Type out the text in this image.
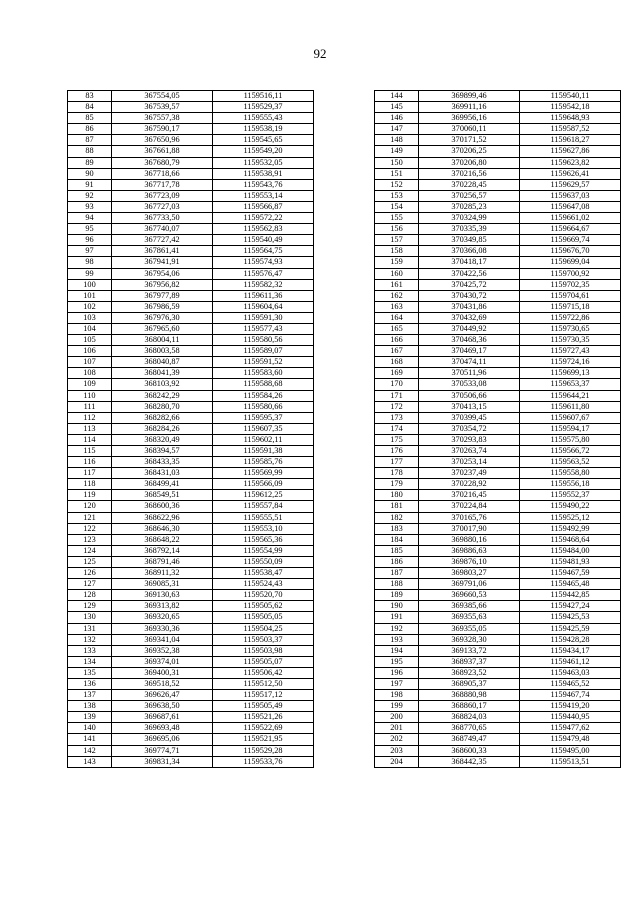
92
83	367554,05	1159516,11
84	367539,57	1159529,37
85	367557,38	1159555,43
86	367590,17	1159538,19
87	367650,96	1159545,65
88	367661,88	1159549,20
89	367680,79	1159532,05
90	367718,66	1159538,91
91	367717,78	1159543,76
92	367723,09	1159553,14
93	367727,03	1159566,87
94	367733,50	1159572,22
95	367740,07	1159562,83
96	367727,42	1159540,49
97	367861,41	1159564,75
98	367941,91	1159574,93
99	367954,06	1159576,47
100	367956,82	1159582,32
101	367977,89	1159611,36
102	367986,59	1159604,64
103	367976,30	1159591,30
104	367965,60	1159577,43
105	368004,11	1159580,56
106	368003,58	1159589,07
107	368040,87	1159591,52
108	368041,39	1159583,60
109	368103,92	1159588,68
110	368242,29	1159584,26
111	368280,70	1159580,66
112	368282,66	1159595,37
113	368284,26	1159607,35
114	368320,49	1159602,11
115	368394,57	1159591,38
116	368433,35	1159585,76
117	368431,03	1159569,99
118	368499,41	1159566,09
119	368549,51	1159612,25
120	368600,36	1159557,84
121	368622,96	1159555,51
122	368646,30	1159553,10
123	368648,22	1159565,36
124	368792,14	1159554,99
125	368791,46	1159550,09
126	368911,32	1159538,47
127	369085,31	1159524,43
128	369130,63	1159520,70
129	369313,82	1159505,62
130	369320,65	1159505,05
131	369330,36	1159504,25
132	369341,04	1159503,37
133	369352,38	1159503,98
134	369374,01	1159505,07
135	369400,31	1159506,42
136	369518,52	1159512,50
137	369626,47	1159517,12
138	369638,50	1159505,49
139	369687,61	1159521,26
140	369693,48	1159522,69
141	369695,06	1159521,95
142	369774,71	1159529,28
143	369831,34	1159533,76
144	369899,46	1159540,11
145	369911,16	1159542,18
146	369956,16	1159648,93
147	370060,11	1159587,52
148	370171,52	1159618,27
149	370206,25	1159627,86
150	370206,80	1159623,82
151	370216,56	1159626,41
152	370228,45	1159629,57
153	370256,57	1159637,03
154	370285,23	1159647,08
155	370324,99	1159661,02
156	370335,39	1159664,67
157	370349,85	1159669,74
158	370366,08	1159676,70
159	370418,17	1159699,04
160	370422,56	1159700,92
161	370425,72	1159702,35
162	370430,72	1159704,61
163	370431,86	1159715,18
164	370432,69	1159722,86
165	370449,92	1159730,65
166	370468,36	1159730,35
167	370469,17	1159727,43
168	370474,11	1159724,16
169	370511,96	1159699,13
170	370533,08	1159653,37
171	370506,66	1159644,21
172	370413,15	1159611,80
173	370399,45	1159607,67
174	370354,72	1159594,17
175	370293,83	1159575,80
176	370263,74	1159566,72
177	370253,14	1159563,52
178	370237,49	1159558,80
179	370228,92	1159556,18
180	370216,45	1159552,37
181	370224,84	1159490,22
182	370165,76	1159525,12
183	370017,90	1159492,99
184	369880,16	1159468,64
185	369886,63	1159484,00
186	369876,10	1159481,93
187	369803,27	1159467,59
188	369791,06	1159465,48
189	369660,53	1159442,85
190	369385,66	1159427,24
191	369355,63	1159425,53
192	369355,05	1159425,59
193	369328,30	1159428,28
194	369133,72	1159434,17
195	368937,37	1159461,12
196	368923,52	1159463,03
197	368905,37	1159465,52
198	368880,98	1159467,74
199	368860,17	1159419,20
200	368824,03	1159440,95
201	368770,65	1159477,62
202	368749,47	1159479,48
203	368600,33	1159495,00
204	368442,35	1159513,51
